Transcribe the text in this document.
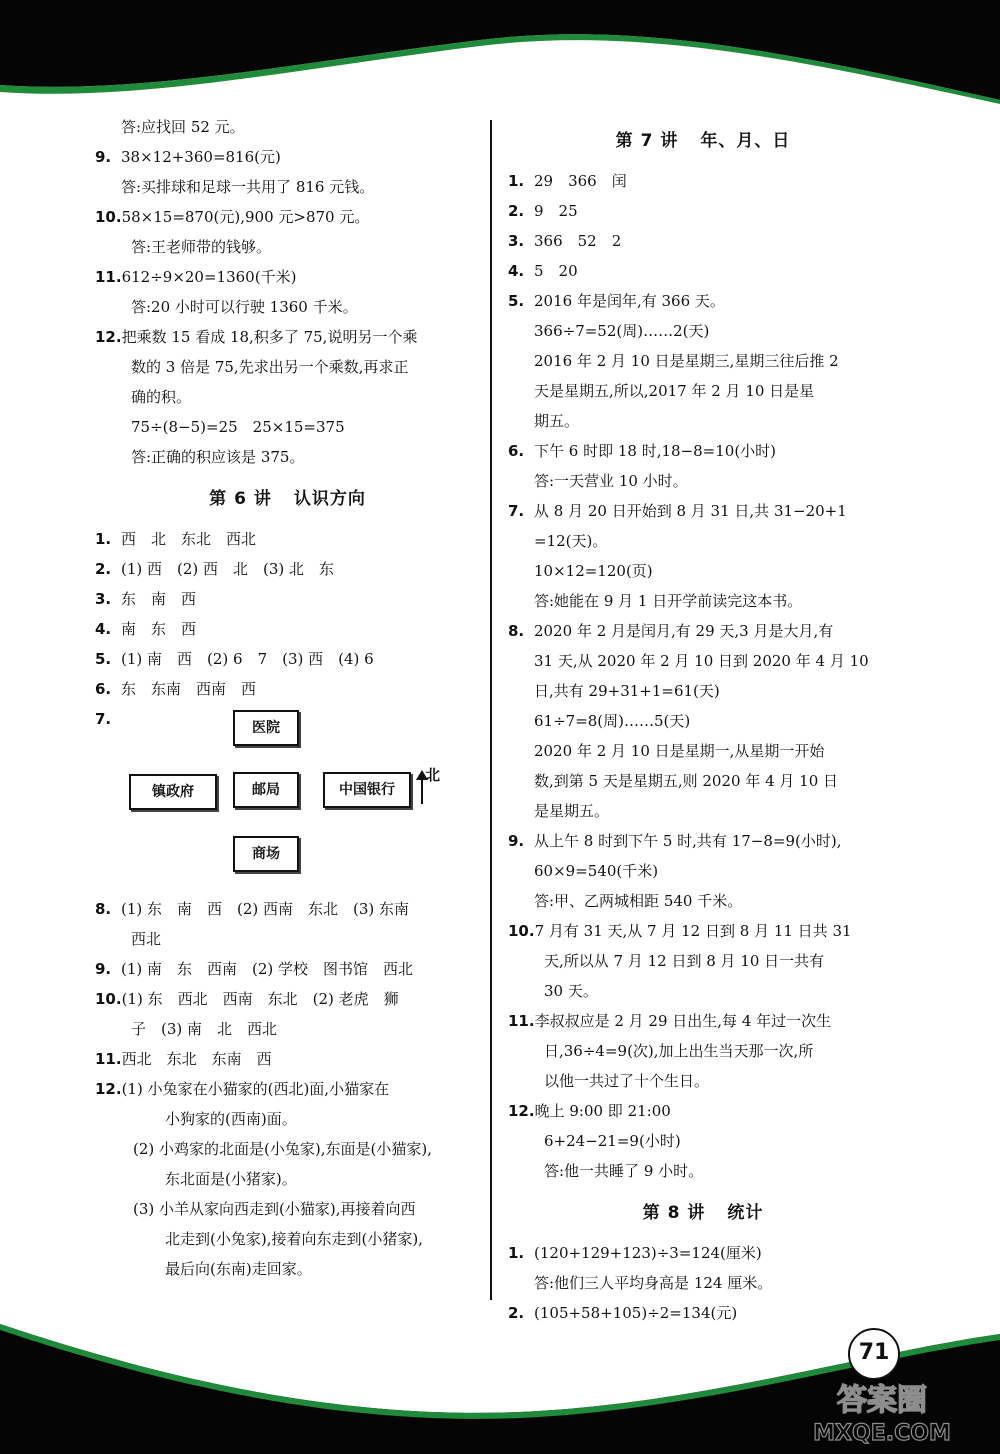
答:应找回 52 元。
9. 38×12+360=816(元)
答:买排球和足球一共用了 816 元钱。
10.58×15=870(元),900 元>870 元。
答:王老师带的钱够。
11.612÷9×20=1360(千米)
答:20 小时可以行驶 1360 千米。
12.把乘数 15 看成 18,积多了 75,说明另一个乘
数的 3 倍是 75,先求出另一个乘数,再求正
确的积。
75÷(8−5)=25　25×15=375
答:正确的积应该是 375。
第 6 讲 认识方向
1. 西　北　东北　西北
2. (1) 西　(2) 西　北　(3) 北　东
3. 东　南　西
4. 南　东　西
5. (1) 南　西　(2) 6　7　(3) 西　(4) 6
6. 东　东南　西南　西
7.	医院
镇政府	邮局	中国银行
商场
北
8. (1) 东　南　西　(2) 西南　东北　(3) 东南
西北
9. (1) 南　东　西南　(2) 学校　图书馆　西北
10.(1) 东　西北　西南　东北　(2) 老虎　狮
子　(3) 南　北　西北
11.西北　东北　东南　西
12.(1) 小兔家在小猫家的(西北)面,小猫家在
小狗家的(西南)面。
(2) 小鸡家的北面是(小兔家),东面是(小猫家),
东北面是(小猪家)。
(3) 小羊从家向西走到(小猫家),再接着向西
北走到(小兔家),接着向东走到(小猪家),
最后向(东南)走回家。
第 7 讲 年、月、日
1. 29　366　闰
2. 9　25
3. 366　52　2
4. 5　20
5. 2016 年是闰年,有 366 天。
366÷7=52(周)……2(天)
2016 年 2 月 10 日是星期三,星期三往后推 2
天是星期五,所以,2017 年 2 月 10 日是星
期五。
6. 下午 6 时即 18 时,18−8=10(小时)
答:一天营业 10 小时。
7. 从 8 月 20 日开始到 8 月 31 日,共 31−20+1
=12(天)。
10×12=120(页)
答:她能在 9 月 1 日开学前读完这本书。
8. 2020 年 2 月是闰月,有 29 天,3 月是大月,有
31 天,从 2020 年 2 月 10 日到 2020 年 4 月 10
日,共有 29+31+1=61(天)
61÷7=8(周)……5(天)
2020 年 2 月 10 日是星期一,从星期一开始
数,到第 5 天是星期五,则 2020 年 4 月 10 日
是星期五。
9. 从上午 8 时到下午 5 时,共有 17−8=9(小时),
60×9=540(千米)
答:甲、乙两城相距 540 千米。
10.7 月有 31 天,从 7 月 12 日到 8 月 11 日共 31
天,所以从 7 月 12 日到 8 月 10 日一共有
30 天。
11.李叔叔应是 2 月 29 日出生,每 4 年过一次生
日,36÷4=9(次),加上出生当天那一次,所
以他一共过了十个生日。
12.晚上 9:00 即 21:00
6+24−21=9(小时)
答:他一共睡了 9 小时。
第 8 讲 统计
1. (120+129+123)÷3=124(厘米)
答:他们三人平均身高是 124 厘米。
2. (105+58+105)÷2=134(元)
71
答案圈
MXQE.COM
